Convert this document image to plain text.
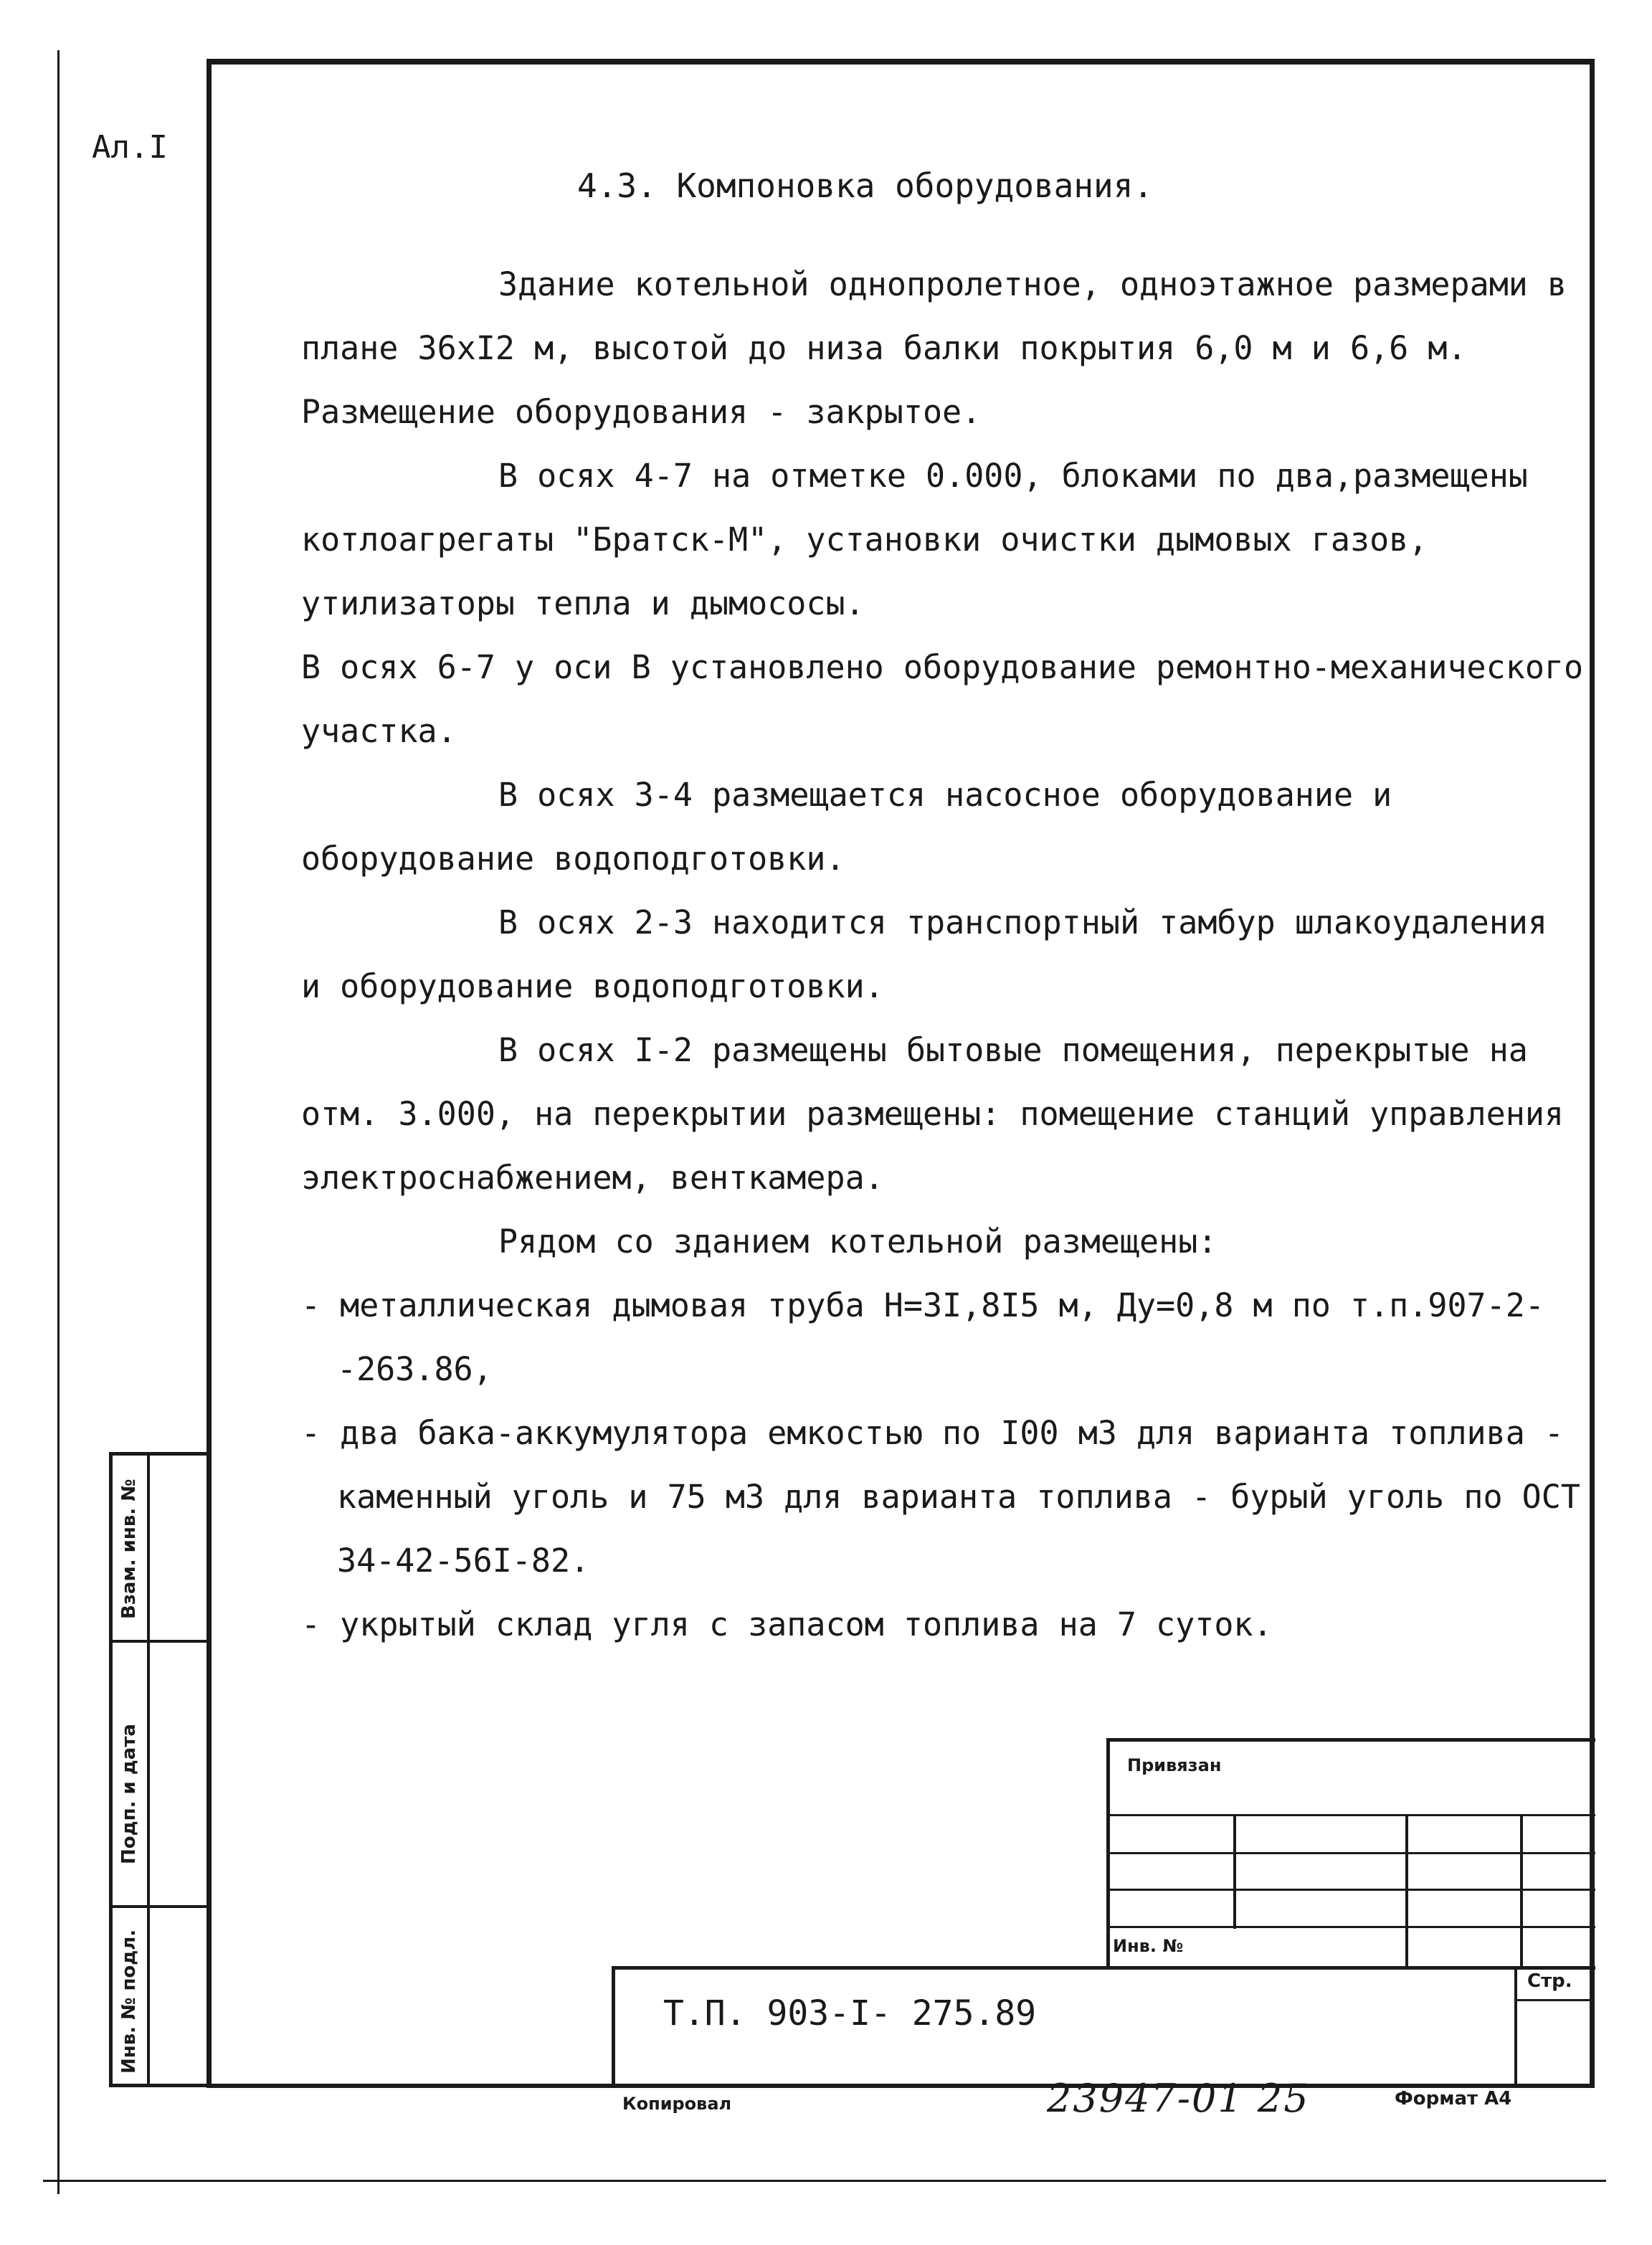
Ал.I
4.3. Компоновка оборудования.

Здание котельной однопролетное, одноэтажное размерами в плане 36хI2 м, высотой до низа балки покрытия 6,0 м и 6,6 м. Размещение оборудования - закрытое.

В осях 4-7 на отметке 0.000, блоками по два,размещены котлоагрегаты "Братск-М", установки очистки дымовых газов, утилизаторы тепла и дымососы.

В осях 6-7 у оси В установлено оборудование ремонтно-механического участка.

В осях 3-4 размещается насосное оборудование и оборудование водоподготовки.

В осях 2-3 находится транспортный тамбур шлакоудаления и оборудование водоподготовки.

В осях I-2 размещены бытовые помещения, перекрытые на отм. 3.000, на перекрытии размещены: помещение станций управления электроснабжением, венткамера.

Рядом со зданием котельной размещены:

- металлическая дымовая труба Н=3I,8I5 м, Ду=0,8 м по т.п.907-2--263.86,

- два бака-аккумулятора емкостью по I00 м3 для варианта топлива - каменный уголь и 75 м3 для варианта топлива - бурый уголь по ОСТ 34-42-56I-82.

- укрытый склад угля с запасом топлива на 7 суток.

Взам. инв. №
Подп. и дата
Инв. № подл.
Привязан
Инв. №
Стр.
Т.П. 903-I- 275.89
Копировал	23947-01 25	Формат А4
